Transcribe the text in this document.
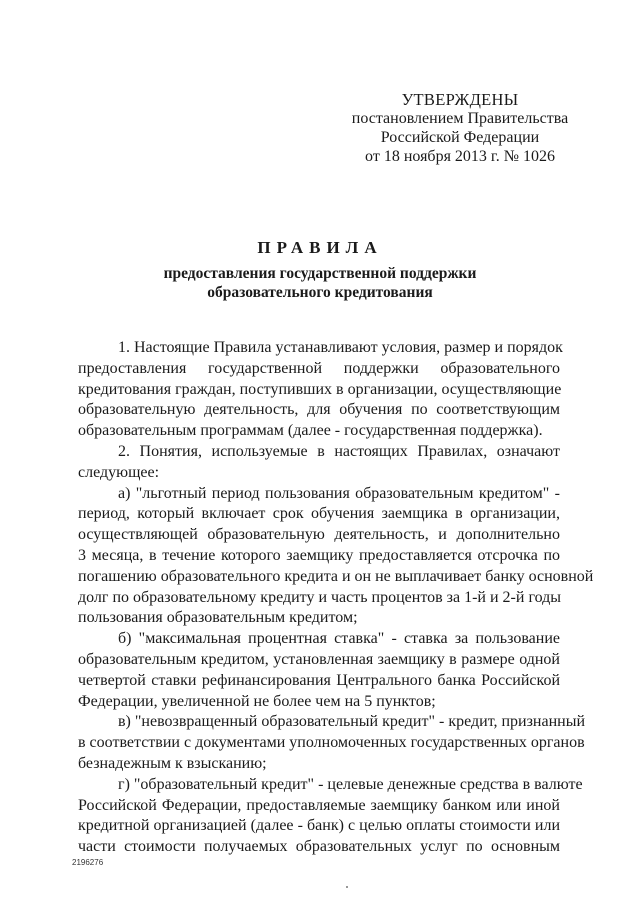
УТВЕРЖДЕНЫ
постановлением Правительства
Российской Федерации
от 18 ноября 2013 г. № 1026
ПРАВИЛА
предоставления государственной поддержки
образовательного кредитования
1. Настоящие Правила устанавливают условия, размер и порядок
предоставления государственной поддержки образовательного
кредитования граждан, поступивших в организации, осуществляющие
образовательную деятельность, для обучения по соответствующим
образовательным программам (далее - государственная поддержка).
2. Понятия, используемые в настоящих Правилах, означают
следующее:
а) "льготный период пользования образовательным кредитом" -
период, который включает срок обучения заемщика в организации,
осуществляющей образовательную деятельность, и дополнительно
3 месяца, в течение которого заемщику предоставляется отсрочка по
погашению образовательного кредита и он не выплачивает банку основной
долг по образовательному кредиту и часть процентов за 1-й и 2-й годы
пользования образовательным кредитом;
б) "максимальная процентная ставка" - ставка за пользование
образовательным кредитом, установленная заемщику в размере одной
четвертой ставки рефинансирования Центрального банка Российской
Федерации, увеличенной не более чем на 5 пунктов;
в) "невозвращенный образовательный кредит" - кредит, признанный
в соответствии с документами уполномоченных государственных органов
безнадежным к взысканию;
г) "образовательный кредит" - целевые денежные средства в валюте
Российской Федерации, предоставляемые заемщику банком или иной
кредитной организацией (далее - банк) с целью оплаты стоимости или
части стоимости получаемых образовательных услуг по основным
2196276
